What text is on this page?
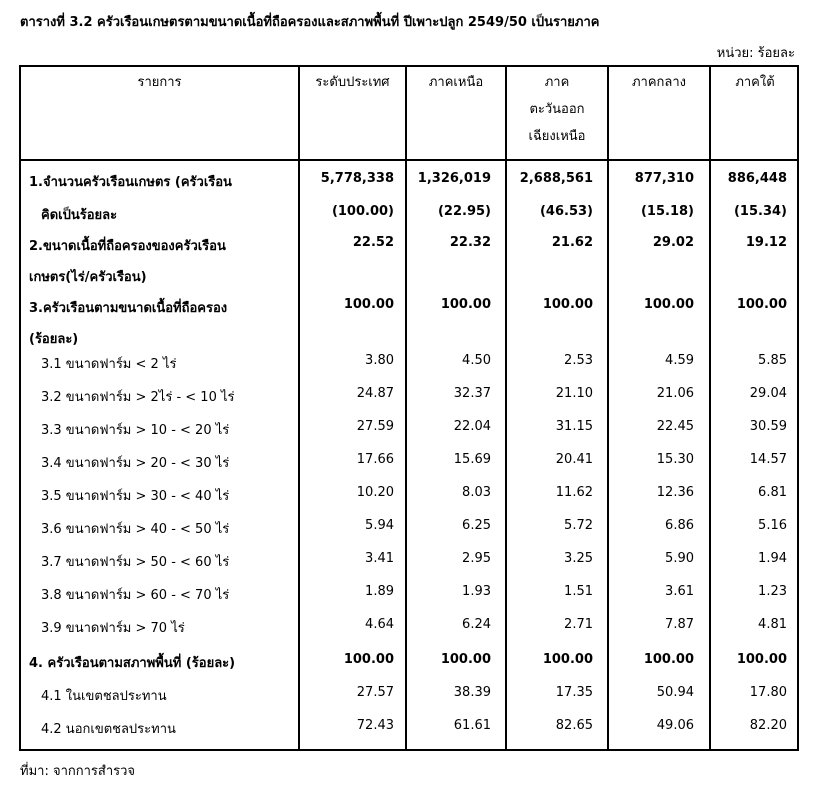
ตารางที่ 3.2 ครัวเรือนเกษตรตามขนาดเนื้อที่ถือครองและสภาพพื้นที่ ปีเพาะปลูก 2549/50 เป็นรายภาค
หน่วย: ร้อยละ
รายการ	ระดับประเทศ	ภาคเหนือ	ภาค
ตะวันออก
เฉียงเหนือ
ภาคกลาง	ภาคใต้
1.จำนวนครัวเรือนเกษตร (ครัวเรือน	5,778,338 1,326,019 2,688,561	877,310	886,448
คิดเป็นร้อยละ	(100.00)	(22.95)	(46.53)	(15.18)	(15.34)
2.ขนาดเนื้อที่ถือครองของครัวเรือน	22.52	22.32	21.62	29.02	19.12
เกษตร(ไร่/ครัวเรือน)
3.ครัวเรือนตามขนาดเนื้อที่ถือครอง	100.00	100.00	100.00	100.00	100.00
(ร้อยละ)
3.1 ขนาดฟาร์ม < 2 ไร่	3.80	4.50	2.53	4.59	5.85
3.2 ขนาดฟาร์ม > 2ไร่ - < 10 ไร่	24.87	32.37	21.10	21.06	29.04
3.3 ขนาดฟาร์ม > 10 - < 20 ไร่	27.59	22.04	31.15	22.45	30.59
3.4 ขนาดฟาร์ม > 20 - < 30 ไร่	17.66	15.69	20.41	15.30	14.57
3.5 ขนาดฟาร์ม > 30 - < 40 ไร่	10.20	8.03	11.62	12.36	6.81
3.6 ขนาดฟาร์ม > 40 - < 50 ไร่	5.94	6.25	5.72	6.86	5.16
3.7 ขนาดฟาร์ม > 50 - < 60 ไร่	3.41	2.95	3.25	5.90	1.94
3.8 ขนาดฟาร์ม > 60 - < 70 ไร่	1.89	1.93	1.51	3.61	1.23
3.9 ขนาดฟาร์ม > 70 ไร่	4.64	6.24	2.71	7.87	4.81
4. ครัวเรือนตามสภาพพื้นที่ (ร้อยละ)	100.00	100.00	100.00	100.00	100.00
4.1 ในเขตชลประทาน	27.57	38.39	17.35	50.94	17.80
4.2 นอกเขตชลประทาน	72.43	61.61	82.65	49.06	82.20
ที่มา: จากการสำรวจ
